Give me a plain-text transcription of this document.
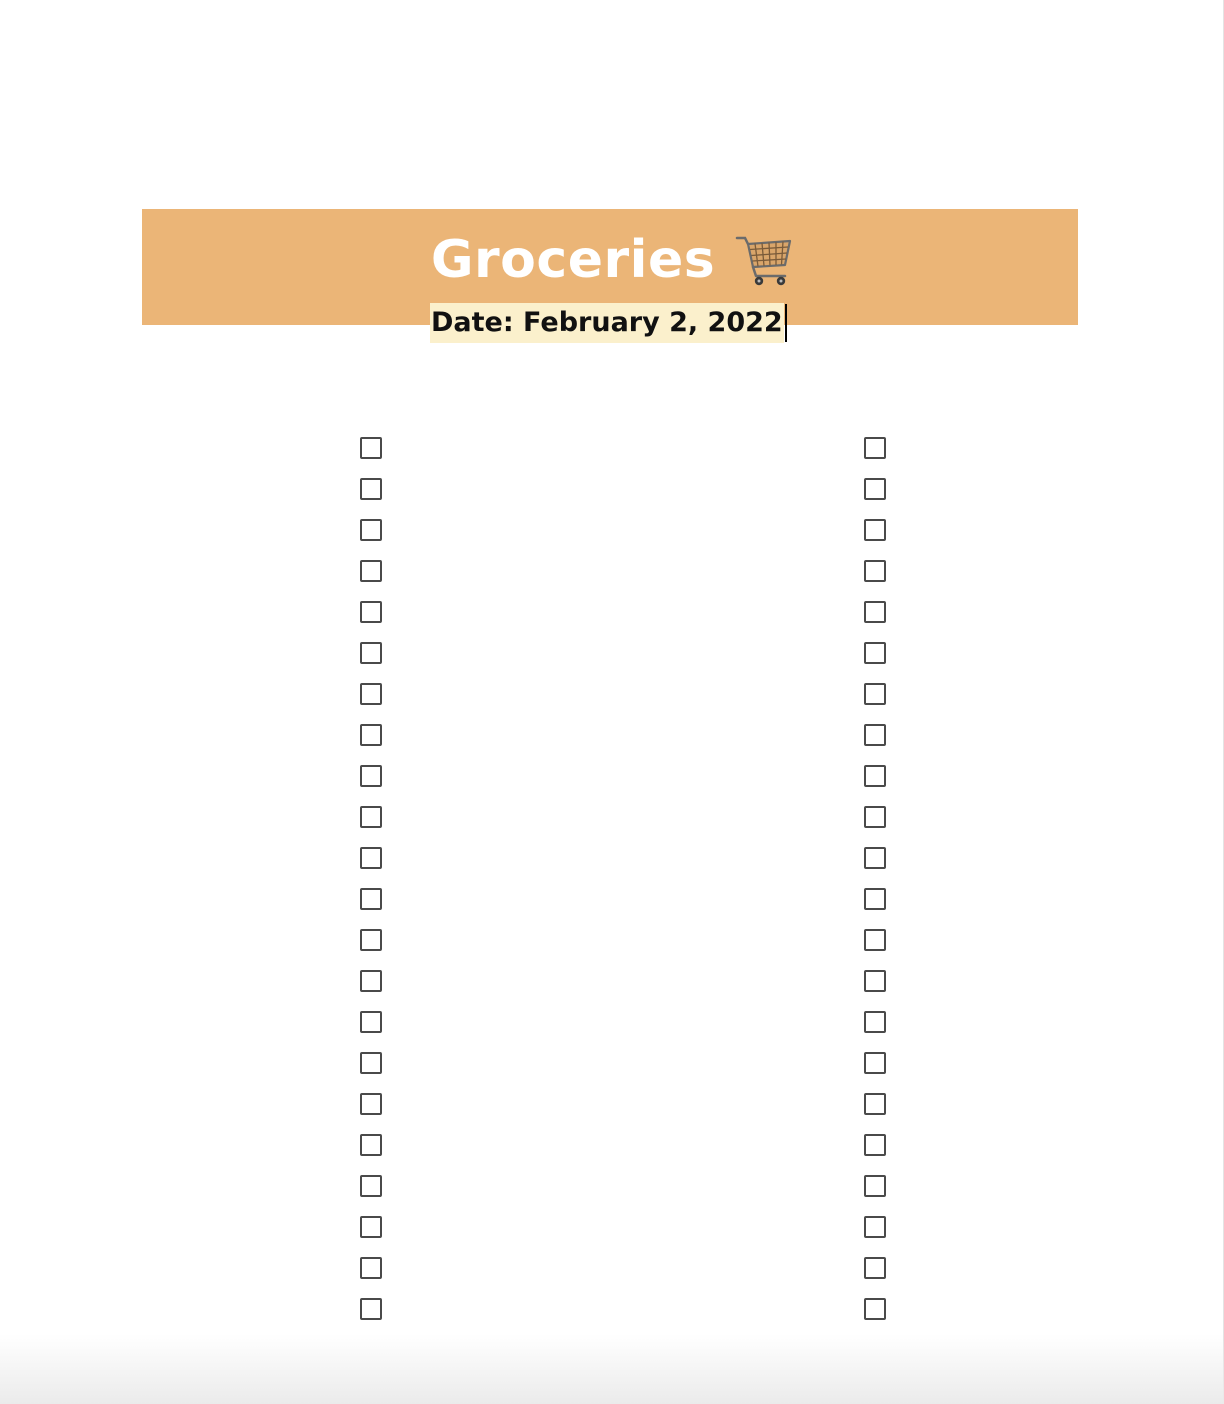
Groceries
Date: February 2, 2022
